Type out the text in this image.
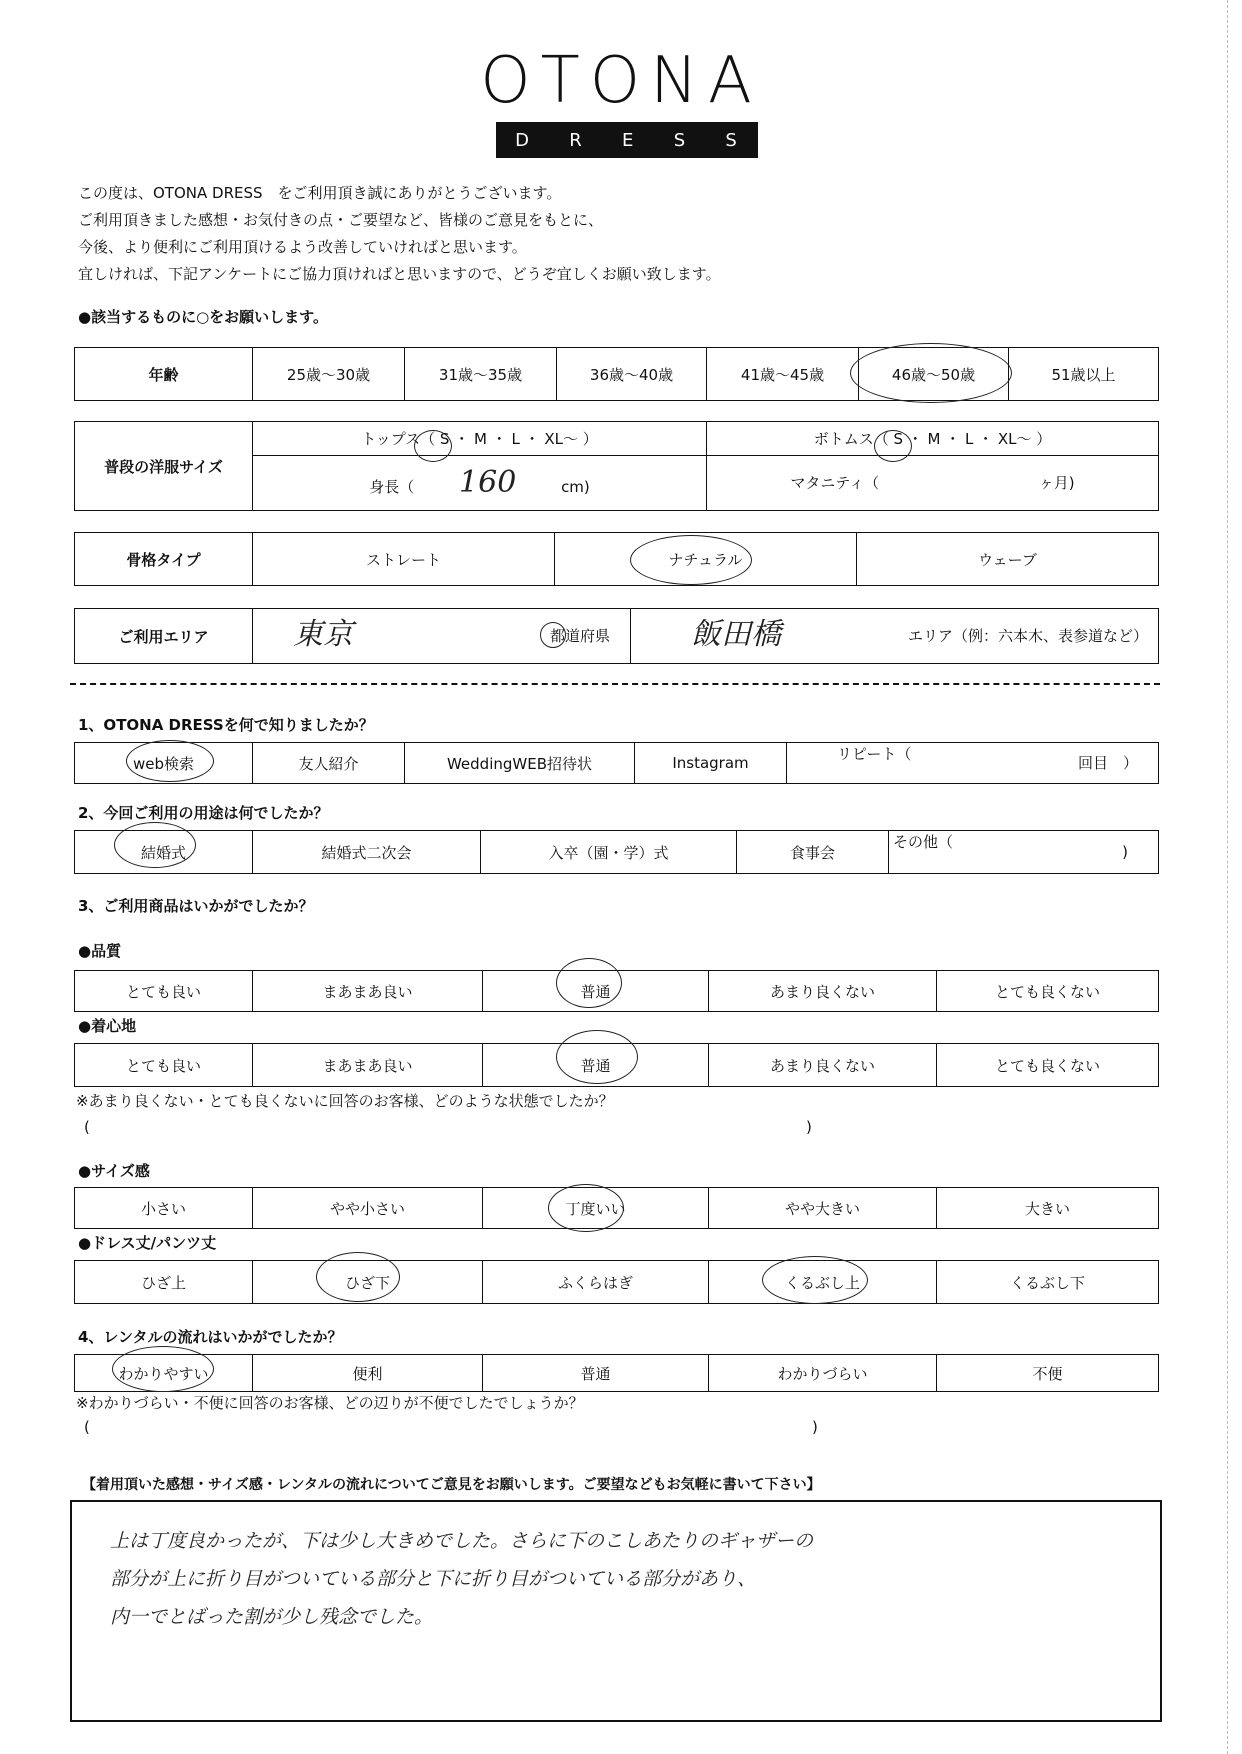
OTONA
D R E S S
この度は、OTONA DRESS　をご利用頂き誠にありがとうございます。
ご利用頂きました感想・お気付きの点・ご要望など、皆様のご意見をもとに、
今後、より便利にご利用頂けるよう改善していければと思います。
宜しければ、下記アンケートにご協力頂ければと思いますので、どうぞ宜しくお願い致します。
●該当するものに○をお願いします。
年齢	25歳～30歳	31歳～35歳	36歳～40歳	41歳～45歳	46歳～50歳	51歳以上
普段の洋服サイズ	トップス（ S ・ M ・ L ・ XL～ ）	ボトムス（ S ・ M ・ L ・ XL～ ）
	身長（ 160 cm)	マタニティ（ ヶ月)
骨格タイプ	ストレート	ナチュラル	ウェーブ
ご利用エリア	東京	都道府県	飯田橋	エリア（例：六本木、表参道など）
1、OTONA DRESSを何で知りましたか？
web検索	友人紹介	WeddingWEB招待状	Instagram	リピート（	回目　）
2、今回ご利用の用途は何でしたか？
結婚式	結婚式二次会	入卒（園・学）式	食事会	その他（
)
3、ご利用商品はいかがでしたか？
●品質
とても良い	まあまあ良い	普通	あまり良くない	とても良くない
●着心地
とても良い	まあまあ良い	普通	あまり良くない	とても良くない
※あまり良くない・とても良くないに回答のお客様、どのような状態でしたか？
(	)
●サイズ感
小さい	やや小さい	丁度いい	やや大きい	大きい
●ドレス丈/パンツ丈
ひざ上	ひざ下	ふくらはぎ	くるぶし上	くるぶし下
4、レンタルの流れはいかがでしたか？
わかりやすい	便利	普通	わかりづらい	不便
※わかりづらい・不便に回答のお客様、どの辺りが不便でしたでしょうか？
(	)
【着用頂いた感想・サイズ感・レンタルの流れについてご意見をお願いします。ご要望などもお気軽に書いて下さい】
上は丁度良かったが、下は少し大きめでした。さらに下のこしあたりのギャザーの
部分が上に折り目がついている部分と下に折り目がついている部分があり、
内一でとばった割が少し残念でした。
